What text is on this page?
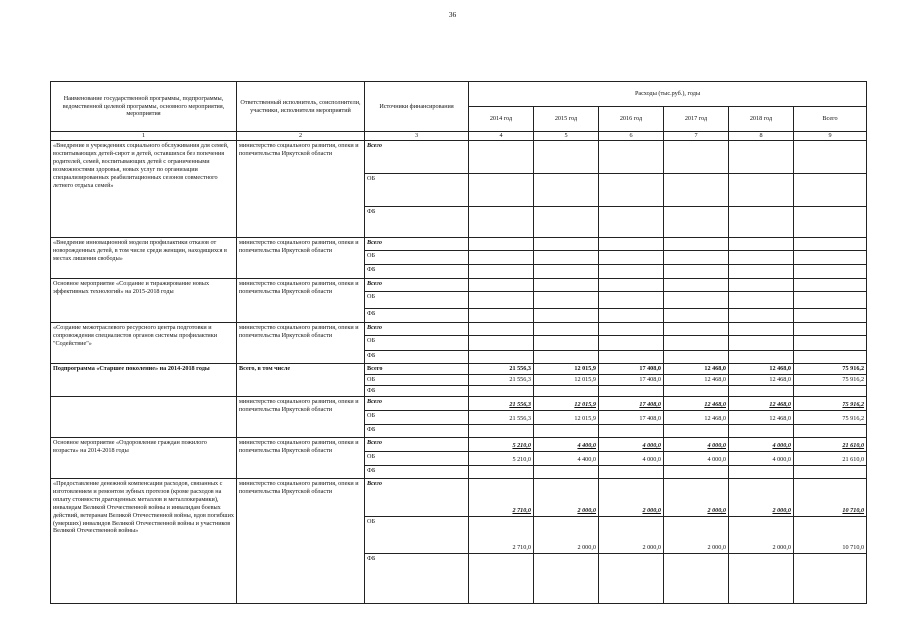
36
Наименование государственной программы, подпрограммы, ведомственной целевой программы, основного мероприятия, мероприятия	Ответственный исполнитель, соисполнители, участники, исполнители мероприятий	Источники финансирования	Расходы (тыс.руб.), годы					
			2014 год	2015 год	2016 год	2017 год	2018 год	Всего
1	2	3	4	5	6	7	8	9
«Внедрение в учреждениях социального обслуживания для семей, воспитывающих детей-сирот и детей, оставшихся без попечения родителей, семей, воспитывающих детей с ограниченными возможностями здоровья, новых услуг по организации специализированных реабилитационных сезонов совместного летнего отдыха семей»	министерство социального развития, опеки и попечительства Иркутской области	Всего						
		ОБ						
		ФБ						
«Внедрение инновационной модели профилактики отказов от новорожденных детей, в том числе среди женщин, находящихся в местах лишения свободы»	министерство социального развития, опеки и попечительства Иркутской области	Всего						
		ОБ						
		ФБ						
Основное мероприятие «Создание и тиражирование новых эффективных технологий» на 2015-2018 годы	министерство социального развития, опеки и попечительства Иркутской области	Всего						
		ОБ						
		ФБ						
«Создание межотраслевого ресурсного центра подготовки и сопровождения специалистов органов системы профилактики "Содействие"»	министерство социального развития, опеки и попечительства Иркутской области	Всего						
		ОБ						
		ФБ						
Подпрограмма «Старшее поколение» на 2014-2018 годы	Всего, в том числе	Всего	21 556,3	12 015,9	17 408,0	12 468,0	12 468,0	75 916,2
		ОБ	21 556,3	12 015,9	17 408,0	12 468,0	12 468,0	75 916,2
		ФБ						
	министерство социального развития, опеки и попечительства Иркутской области	Всего	21 556,3	12 015,9	17 408,0	12 468,0	12 468,0	75 916,2
		ОБ	21 556,3	12 015,9	17 408,0	12 468,0	12 468,0	75 916,2
		ФБ						
Основное мероприятие «Оздоровление граждан пожилого возраста» на 2014-2018 годы	министерство социального развития, опеки и попечительства Иркутской области	Всего	5 210,0	4 400,0	4 000,0	4 000,0	4 000,0	21 610,0
		ОБ	5 210,0	4 400,0	4 000,0	4 000,0	4 000,0	21 610,0
		ФБ						
«Предоставление денежной компенсации расходов, связанных с изготовлением и ремонтом зубных протезов (кроме расходов на оплату стоимости драгоценных металлов и металлокерамики), инвалидам Великой Отечественной войны и инвалидам боевых действий, ветеранам Великой Отечественной войны, вдов погибших (умерших) инвалидов Великой Отечественной войны и участников Великой Отечественной войны»	министерство социального развития, опеки и попечительства Иркутской области	Всего	2 710,0	2 000,0	2 000,0	2 000,0	2 000,0	10 710,0
		ОБ	2 710,0	2 000,0	2 000,0	2 000,0	2 000,0	10 710,0
		ФБ						
